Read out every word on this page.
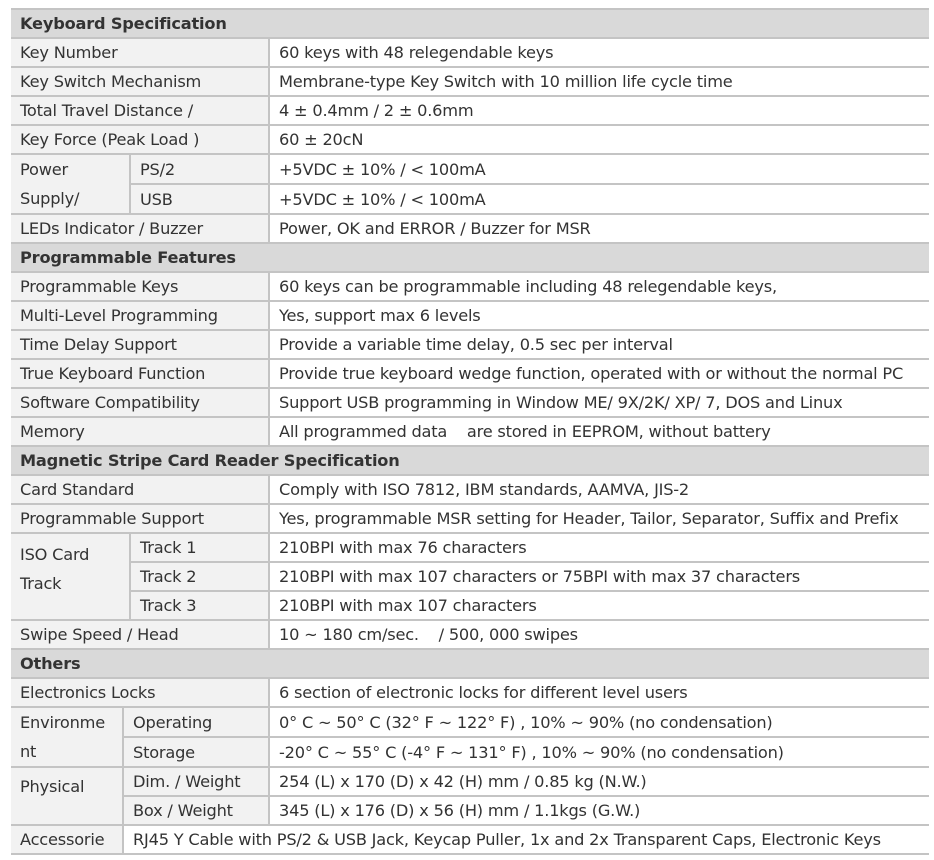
Keyboard Specification			
Key Number			60 keys with 48 relegendable keys
Key Switch Mechanism			Membrane-type Key Switch with 10 million life cycle time
Total Travel Distance /			4 ± 0.4mm / 2 ± 0.6mm
Key Force (Peak Load )			60 ± 20cN

Power
Supply/		PS/2	+5VDC ± 10% / < 100mA
		USB	+5VDC ± 10% / < 100mA
LEDs Indicator / Buzzer			Power, OK and ERROR / Buzzer for MSR
Programmable Features			
Programmable Keys			60 keys can be programmable including 48 relegendable keys,
Multi-Level Programming			Yes, support max 6 levels
Time Delay Support			Provide a variable time delay, 0.5 sec per interval
True Keyboard Function			Provide true keyboard wedge function, operated with or without the normal PC
Software Compatibility			Support USB programming in Window ME/ 9X/2K/ XP/ 7, DOS and Linux
Memory			All programmed data    are stored in EEPROM, without battery
Magnetic Stripe Card Reader Specification			
Card Standard			Comply with ISO 7812, IBM standards, AAMVA, JIS-2
Programmable Support			Yes, programmable MSR setting for Header, Tailor, Separator, Suffix and Prefix

ISO Card
Track		Track 1	210BPI with max 76 characters
		Track 2	210BPI with max 107 characters or 75BPI with max 37 characters
		Track 3	210BPI with max 107 characters
Swipe Speed / Head			10 ~ 180 cm/sec.    / 500, 000 swipes
Others			
Electronics Locks			6 section of electronic locks for different level users

Environme
nt	Operating		0° C ~ 50° C (32° F ~ 122° F) , 10% ~ 90% (no condensation)
	Storage		-20° C ~ 55° C (-4° F ~ 131° F) , 10% ~ 90% (no condensation)

Physical	Dim. / Weight		254 (L) x 170 (D) x 42 (H) mm / 0.85 kg (N.W.)
	Box / Weight		345 (L) x 176 (D) x 56 (H) mm / 1.1kgs (G.W.)
Accessorie	RJ45 Y Cable with PS/2 & USB Jack, Keycap Puller, 1x and 2x Transparent Caps, Electronic Keys		
